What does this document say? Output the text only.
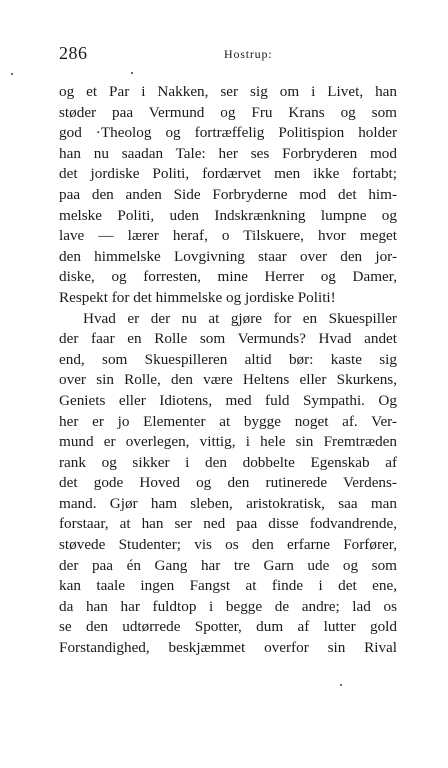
286	Hostrup:
og et Par i Nakken, ser sig om i Livet, han
støder paa Vermund og Fru Krans og som
god ·Theolog og fortræffelig Politispion holder
han nu saadan Tale: her ses Forbryderen mod
det jordiske Politi, fordærvet men ikke fortabt;
paa den anden Side Forbryderne mod det him-
melske Politi, uden Indskrænkning lumpne og
lave — lærer heraf, o Tilskuere, hvor meget
den himmelske Lovgivning staar over den jor-
diske, og forresten, mine Herrer og Damer,
Respekt for det himmelske og jordiske Politi!
Hvad er der nu at gjøre for en Skuespiller
der faar en Rolle som Vermunds? Hvad andet
end, som Skuespilleren altid bør: kaste sig
over sin Rolle, den være Heltens eller Skurkens,
Geniets eller Idiotens, med fuld Sympathi. Og
her er jo Elementer at bygge noget af. Ver-
mund er overlegen, vittig, i hele sin Fremtræden
rank og sikker i den dobbelte Egenskab af
det gode Hoved og den rutinerede Verdens-
mand. Gjør ham sleben, aristokratisk, saa man
forstaar, at han ser ned paa disse fodvandrende,
støvede Studenter; vis os den erfarne Forfører,
der paa én Gang har tre Garn ude og som
kan taale ingen Fangst at finde i det ene,
da han har fuldtop i begge de andre; lad os
se den udtørrede Spotter, dum af lutter gold
Forstandighed, beskjæmmet overfor sin Rival
